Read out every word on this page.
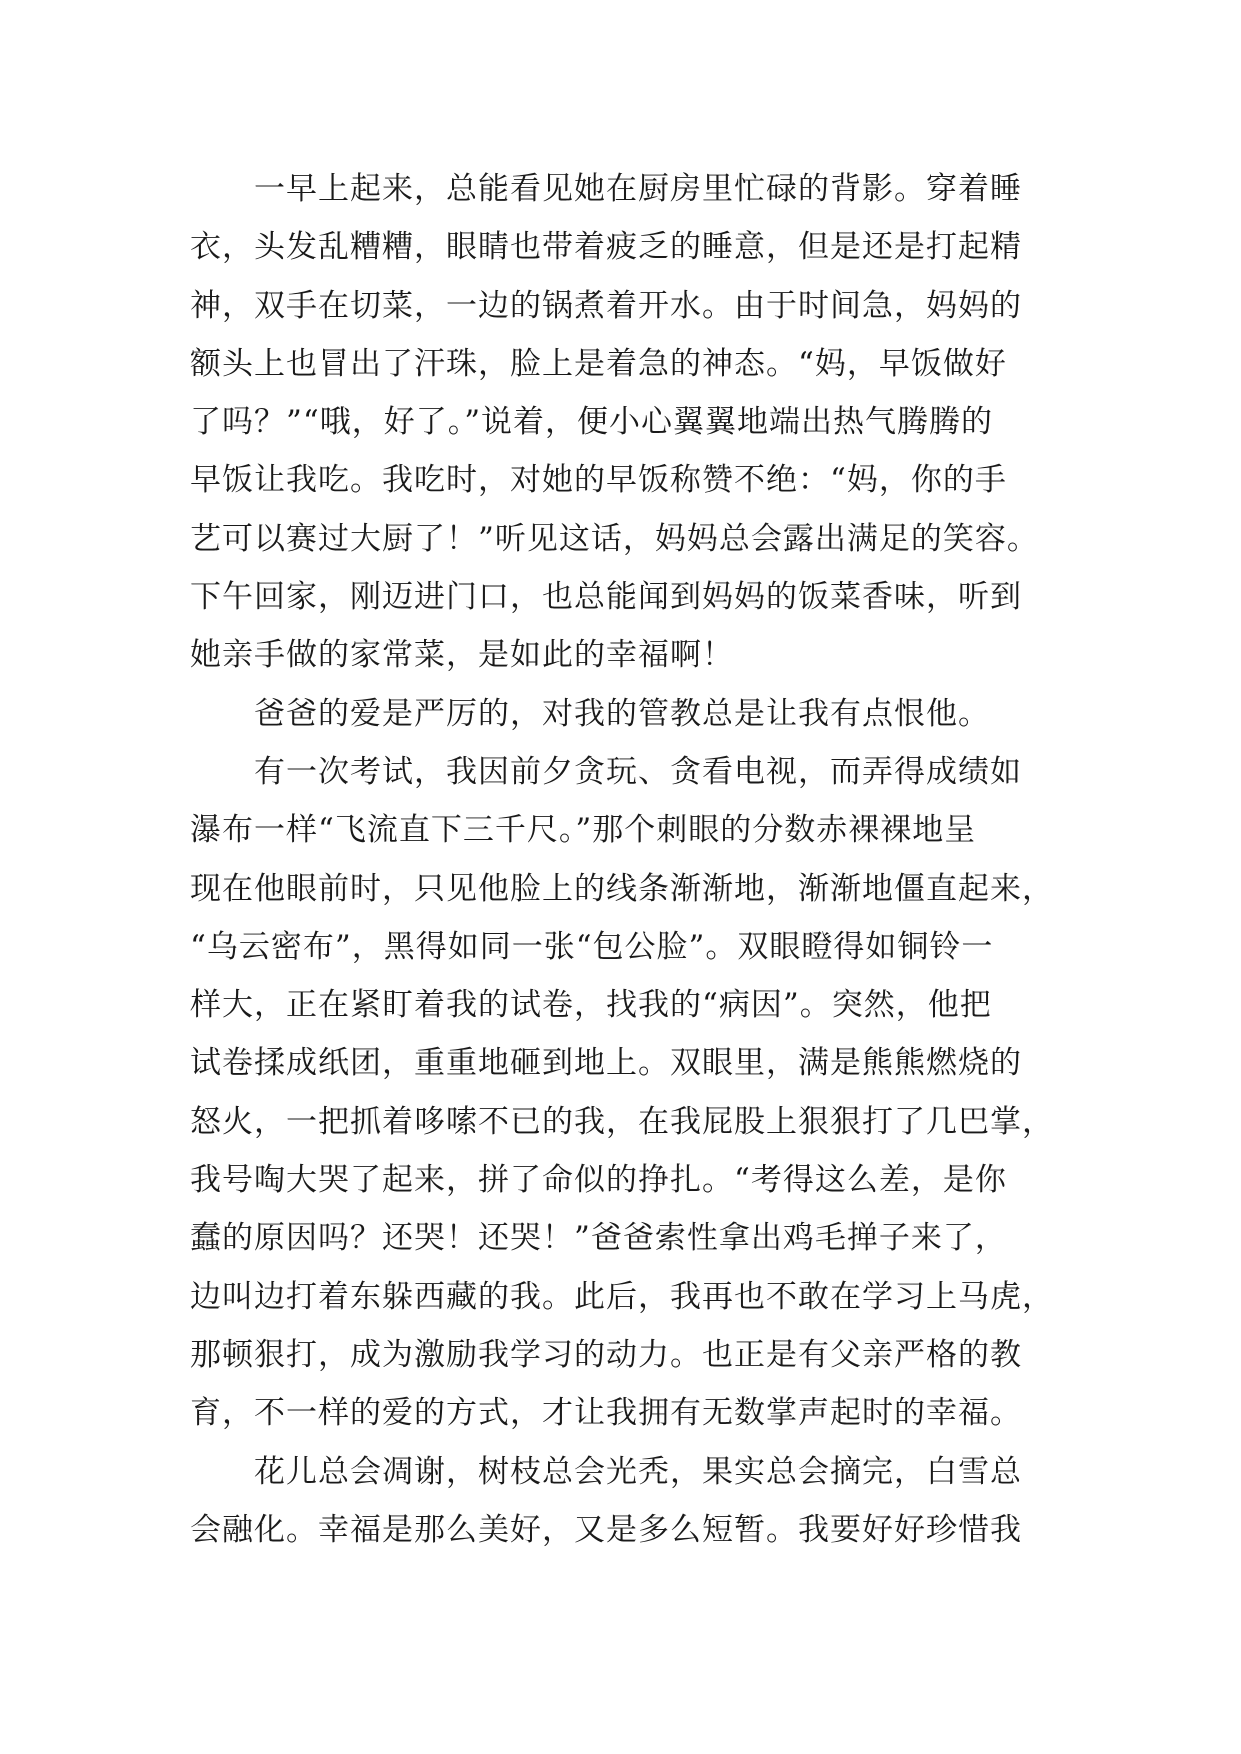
一早上起来，总能看见她在厨房里忙碌的背影。穿着睡
衣，头发乱糟糟，眼睛也带着疲乏的睡意，但是还是打起精
神，双手在切菜，一边的锅煮着开水。由于时间急，妈妈的
额头上也冒出了汗珠，脸上是着急的神态。“妈，早饭做好
了吗？”“哦，好了。”说着，便小心翼翼地端出热气腾腾的
早饭让我吃。我吃时，对她的早饭称赞不绝：“妈，你的手
艺可以赛过大厨了！”听见这话，妈妈总会露出满足的笑容。
下午回家，刚迈进门口，也总能闻到妈妈的饭菜香味，听到
她亲手做的家常菜，是如此的幸福啊！
爸爸的爱是严厉的，对我的管教总是让我有点恨他。
有一次考试，我因前夕贪玩、贪看电视，而弄得成绩如
瀑布一样“飞流直下三千尺。”那个刺眼的分数赤裸裸地呈
现在他眼前时，只见他脸上的线条渐渐地，渐渐地僵直起来，
“乌云密布”，黑得如同一张“包公脸”。双眼瞪得如铜铃一
样大，正在紧盯着我的试卷，找我的“病因”。突然，他把
试卷揉成纸团，重重地砸到地上。双眼里，满是熊熊燃烧的
怒火，一把抓着哆嗦不已的我，在我屁股上狠狠打了几巴掌，
我号啕大哭了起来，拼了命似的挣扎。“考得这么差，是你
蠢的原因吗？还哭！还哭！”爸爸索性拿出鸡毛掸子来了，
边叫边打着东躲西藏的我。此后，我再也不敢在学习上马虎，
那顿狠打，成为激励我学习的动力。也正是有父亲严格的教
育，不一样的爱的方式，才让我拥有无数掌声起时的幸福。
花儿总会凋谢，树枝总会光秃，果实总会摘完，白雪总
会融化。幸福是那么美好，又是多么短暂。我要好好珍惜我
